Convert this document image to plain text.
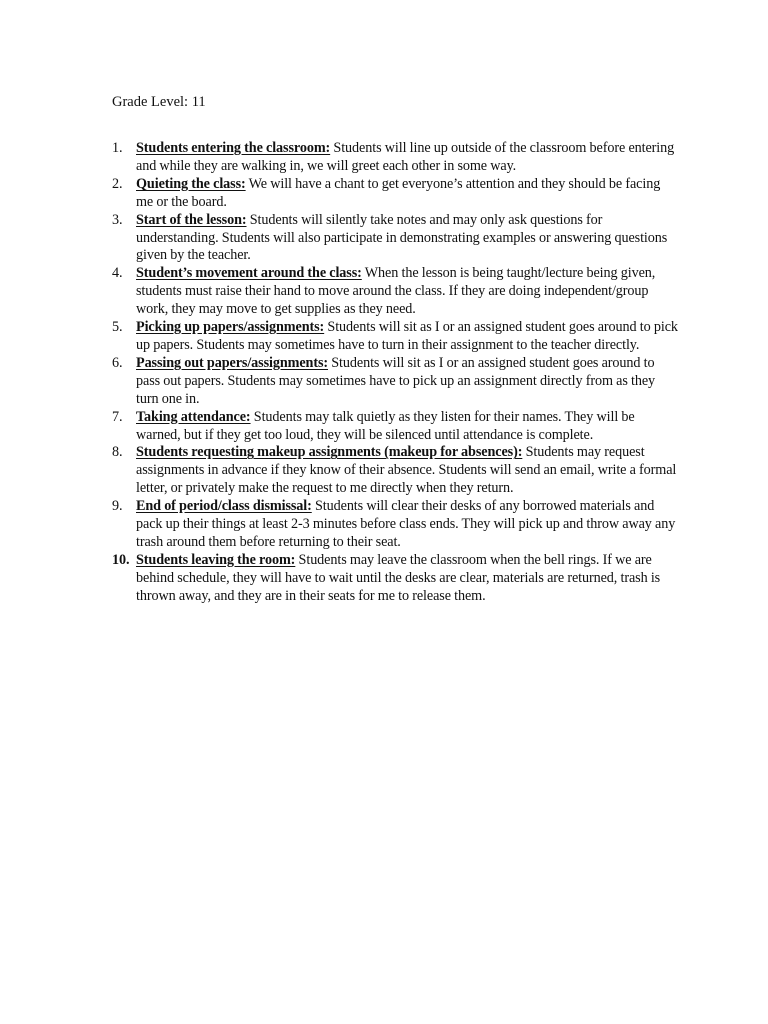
Grade Level: 11
1. Students entering the classroom: Students will line up outside of the classroom before entering and while they are walking in, we will greet each other in some way.
2. Quieting the class: We will have a chant to get everyone’s attention and they should be facing me or the board.
3. Start of the lesson: Students will silently take notes and may only ask questions for understanding. Students will also participate in demonstrating examples or answering questions given by the teacher.
4. Student’s movement around the class: When the lesson is being taught/lecture being given, students must raise their hand to move around the class. If they are doing independent/group work, they may move to get supplies as they need.
5. Picking up papers/assignments: Students will sit as I or an assigned student goes around to pick up papers. Students may sometimes have to turn in their assignment to the teacher directly.
6. Passing out papers/assignments: Students will sit as I or an assigned student goes around to pass out papers. Students may sometimes have to pick up an assignment directly from as they turn one in.
7. Taking attendance: Students may talk quietly as they listen for their names. They will be warned, but if they get too loud, they will be silenced until attendance is complete.
8. Students requesting makeup assignments (makeup for absences): Students may request assignments in advance if they know of their absence. Students will send an email, write a formal letter, or privately make the request to me directly when they return.
9. End of period/class dismissal: Students will clear their desks of any borrowed materials and pack up their things at least 2-3 minutes before class ends. They will pick up and throw away any trash around them before returning to their seat.
10. Students leaving the room: Students may leave the classroom when the bell rings. If we are behind schedule, they will have to wait until the desks are clear, materials are returned, trash is thrown away, and they are in their seats for me to release them.
